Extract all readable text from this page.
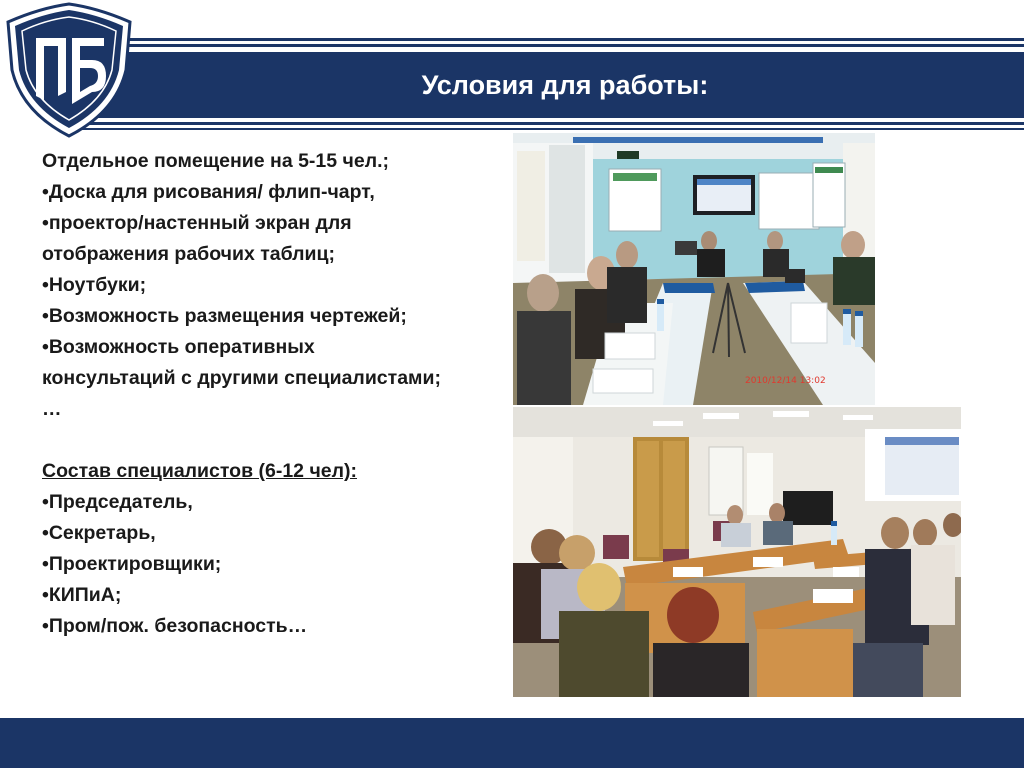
Условия для работы:
Отдельное помещение на 5-15 чел.;
•Доска для рисования/ флип-чарт,
•проектор/настенный экран для
отображения рабочих таблиц;
•Ноутбуки;
•Возможность размещения чертежей;
•Возможность оперативных
консультаций с другими специалистами;
…
Состав специалистов (6-12 чел):
•Председатель,
•Секретарь,
•Проектировщики;
•КИПиА;
•Пром/пож. безопасность…
2010/12/14 13:02
